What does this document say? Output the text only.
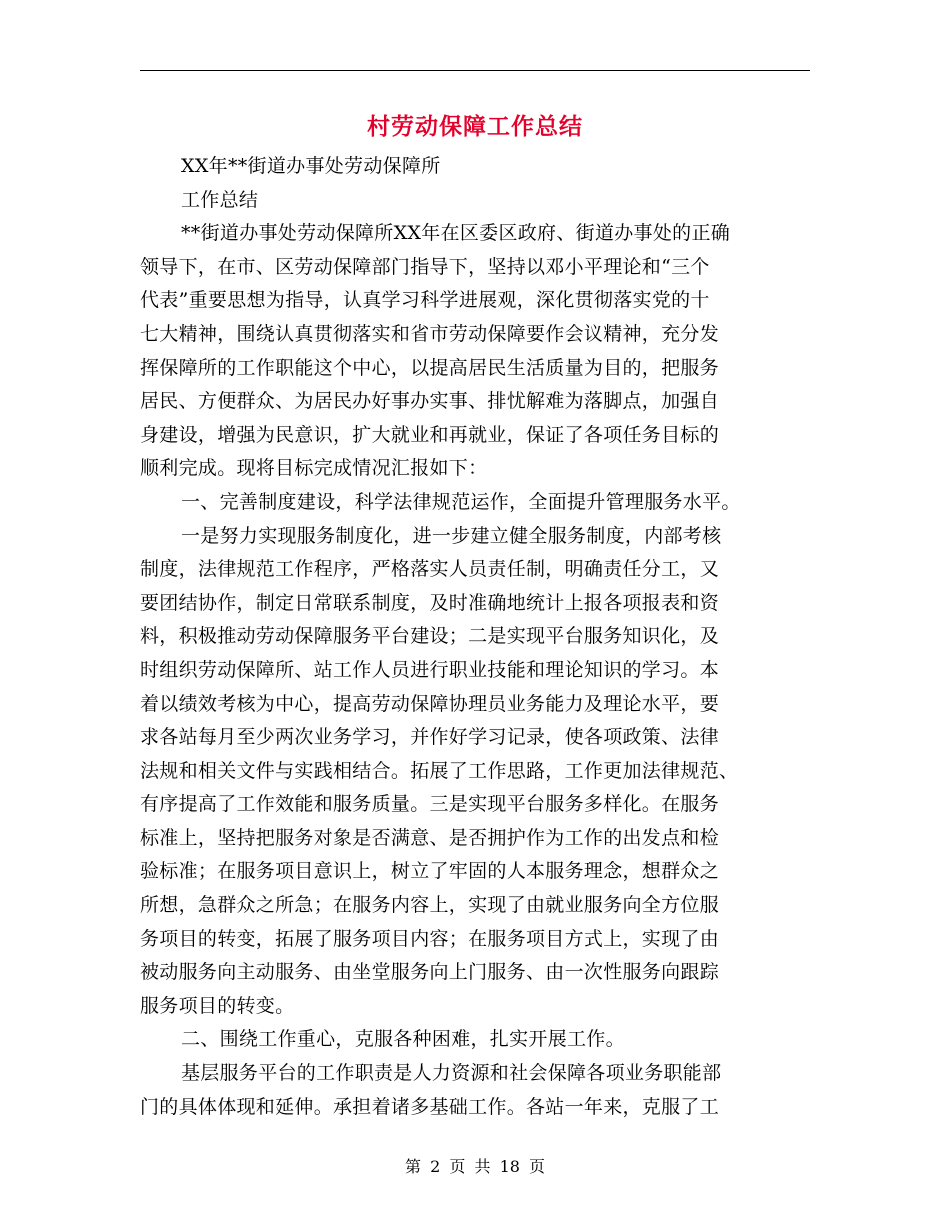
村劳动保障工作总结
XX年**街道办事处劳动保障所
工作总结
**街道办事处劳动保障所XX年在区委区政府、街道办事处的正确
领导下，在市、区劳动保障部门指导下，坚持以邓小平理论和“三个
代表”重要思想为指导，认真学习科学进展观，深化贯彻落实党的十
七大精神，围绕认真贯彻落实和省市劳动保障要作会议精神，充分发
挥保障所的工作职能这个中心，以提高居民生活质量为目的，把服务
居民、方便群众、为居民办好事办实事、排忧解难为落脚点，加强自
身建设，增强为民意识，扩大就业和再就业，保证了各项任务目标的
顺利完成。现将目标完成情况汇报如下：
一、完善制度建设，科学法律规范运作，全面提升管理服务水平。
一是努力实现服务制度化，进一步建立健全服务制度，内部考核
制度，法律规范工作程序，严格落实人员责任制，明确责任分工，又
要团结协作，制定日常联系制度，及时准确地统计上报各项报表和资
料，积极推动劳动保障服务平台建设；二是实现平台服务知识化，及
时组织劳动保障所、站工作人员进行职业技能和理论知识的学习。本
着以绩效考核为中心，提高劳动保障协理员业务能力及理论水平，要
求各站每月至少两次业务学习，并作好学习记录，使各项政策、法律
法规和相关文件与实践相结合。拓展了工作思路，工作更加法律规范、
有序提高了工作效能和服务质量。三是实现平台服务多样化。在服务
标准上，坚持把服务对象是否满意、是否拥护作为工作的出发点和检
验标准；在服务项目意识上，树立了牢固的人本服务理念，想群众之
所想，急群众之所急；在服务内容上，实现了由就业服务向全方位服
务项目的转变，拓展了服务项目内容；在服务项目方式上，实现了由
被动服务向主动服务、由坐堂服务向上门服务、由一次性服务向跟踪
服务项目的转变。
二、围绕工作重心，克服各种困难，扎实开展工作。
基层服务平台的工作职责是人力资源和社会保障各项业务职能部
门的具体体现和延伸。承担着诸多基础工作。各站一年来，克服了工
第 2 页 共 18 页
